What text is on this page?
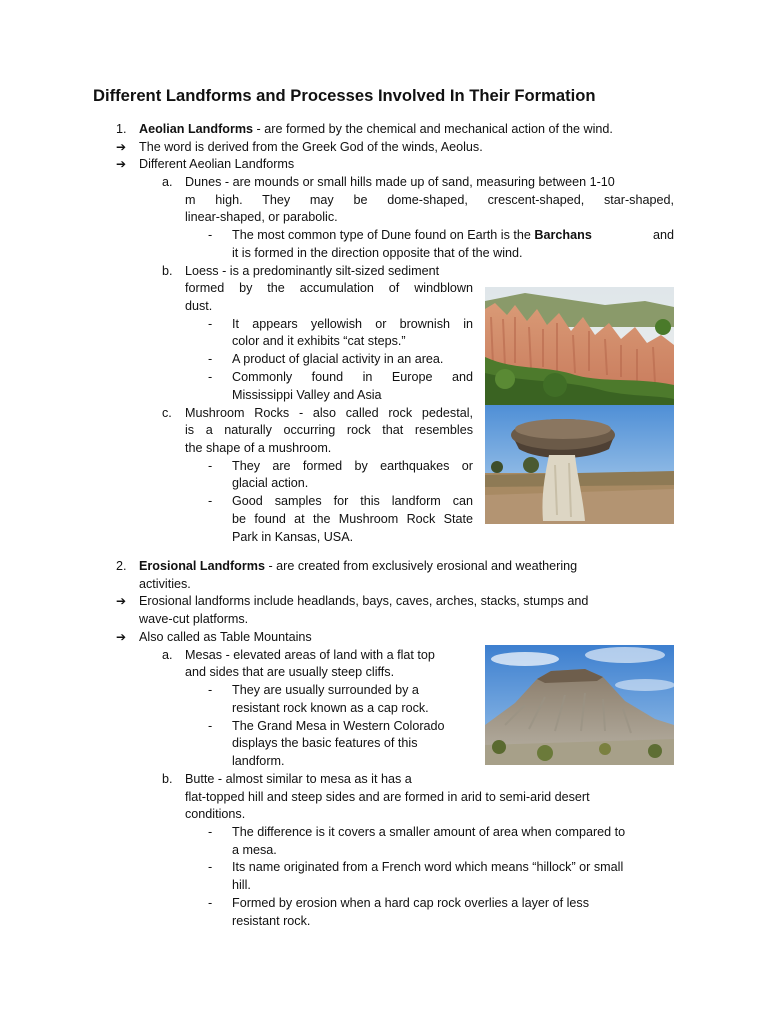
Different Landforms and Processes Involved In Their Formation
1. Aeolian Landforms - are formed by the chemical and mechanical action of the wind.
➔ The word is derived from the Greek God of the winds, Aeolus.
➔ Different Aeolian Landforms
a. Dunes - are mounds or small hills made up of sand, measuring between 1-10
m high. They may be dome-shaped, crescent-shaped, star-shaped,
linear-shaped, or parabolic.
- The most common type of Dune found on Earth is the Barchans	and
it is formed in the direction opposite that of the wind.
b. Loess - is a predominantly silt-sized sediment
formed by the accumulation of windblown
dust.
- It appears yellowish or brownish in
color and it exhibits “cat steps.”
- A product of glacial activity in an area.
- Commonly found in Europe and
Mississippi Valley and Asia
c. Mushroom Rocks - also called rock pedestal,
is a naturally occurring rock that resembles
the shape of a mushroom.
- They are formed by earthquakes or
glacial action.
- Good samples for this landform can
be found at the Mushroom Rock State
Park in Kansas, USA.
2. Erosional Landforms - are created from exclusively erosional and weathering
activities.
➔ Erosional landforms include headlands, bays, caves, arches, stacks, stumps and
wave-cut platforms.
➔ Also called as Table Mountains
a. Mesas - elevated areas of land with a flat top
and sides that are usually steep cliffs.
- They are usually surrounded by a
resistant rock known as a cap rock.
- The Grand Mesa in Western Colorado
displays the basic features of this
landform.
b. Butte - almost similar to mesa as it has a
flat-topped hill and steep sides and are formed in arid to semi-arid desert
conditions.
- The difference is it covers a smaller amount of area when compared to
a mesa.
- Its name originated from a French word which means “hillock” or small
hill.
- Formed by erosion when a hard cap rock overlies a layer of less
resistant rock.
